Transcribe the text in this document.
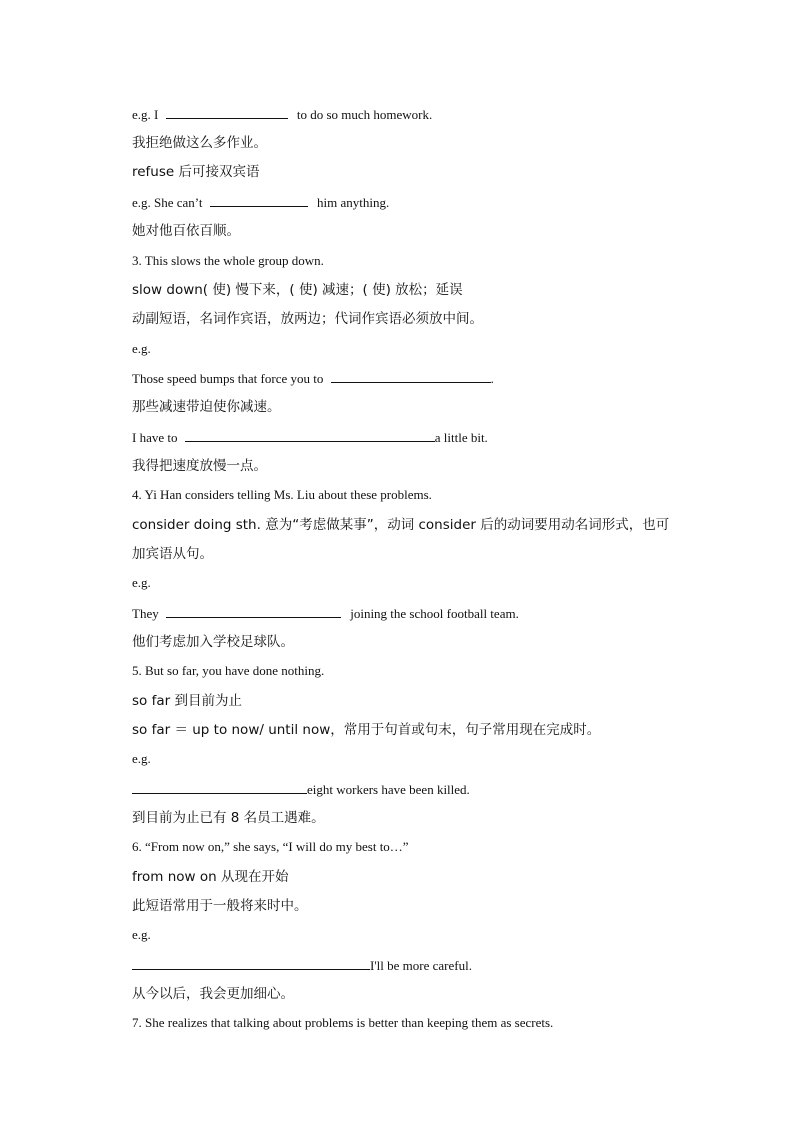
e.g. I	to do so much homework.
我拒绝做这么多作业。
refuse 后可接双宾语
e.g. She can’t	him anything.
她对他百依百顺。
3. This slows the whole group down.
slow down( 使) 慢下来，( 使) 减速；( 使) 放松；延误
动副短语，名词作宾语，放两边；代词作宾语必须放中间。
e.g.
Those speed bumps that force you to	.
那些减速带迫使你减速。
I have to	a little bit.
我得把速度放慢一点。
4. Yi Han considers telling Ms. Liu about these problems.
consider doing sth. 意为“考虑做某事”，动词 consider 后的动词要用动名词形式，也可
加宾语从句。
e.g.
They	joining the school football team.
他们考虑加入学校足球队。
5. But so far, you have done nothing.
so far 到目前为止
so far ＝ up to now/ until now，常用于句首或句末，句子常用现在完成时。
e.g.
eight workers have been killed.
到目前为止已有 8 名员工遇难。
6. “From now on,” she says, “I will do my best to…”
from now on 从现在开始
此短语常用于一般将来时中。
e.g.
I'll be more careful.
从今以后，我会更加细心。
7. She realizes that talking about problems is better than keeping them as secrets.
